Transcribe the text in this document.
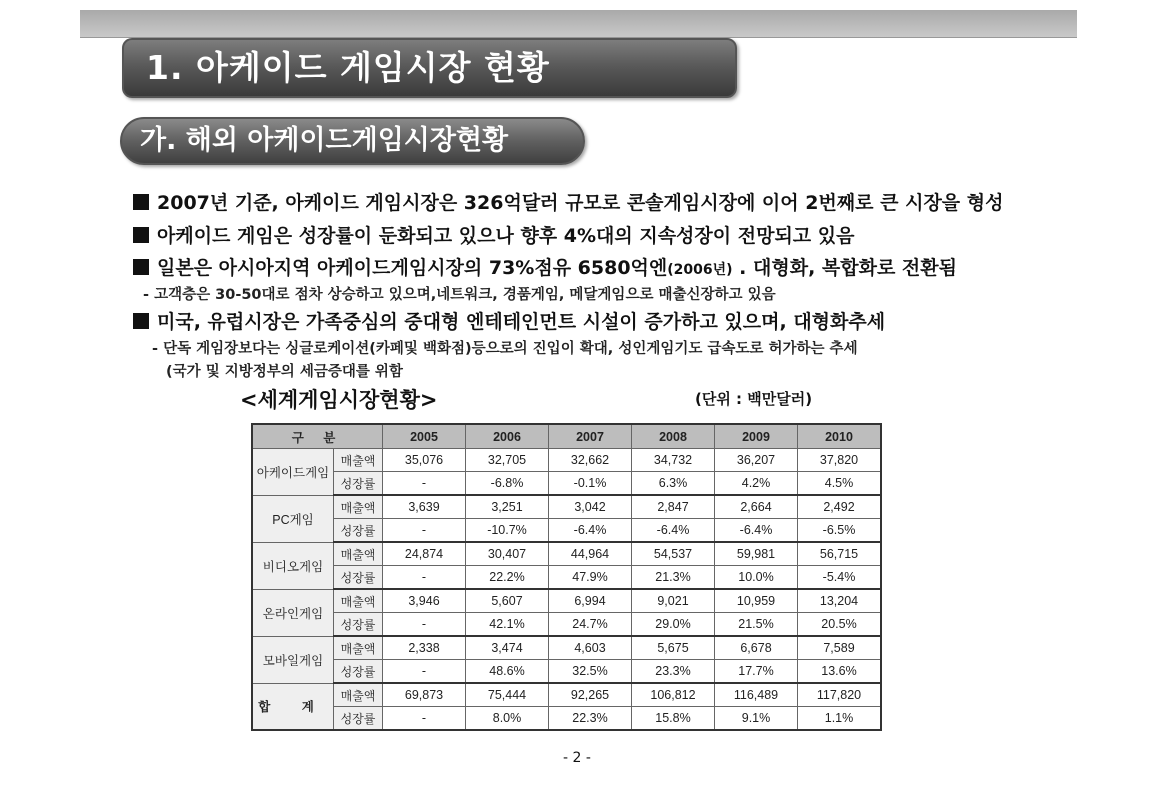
1. 아케이드 게임시장 현황
가. 해외 아케이드게임시장현황
2007년 기준, 아케이드 게임시장은 326억달러 규모로 콘솔게임시장에 이어 2번째로 큰 시장을 형성
아케이드 게임은 성장률이 둔화되고 있으나 향후 4%대의 지속성장이 전망되고 있음
일본은 아시아지역 아케이드게임시장의 73%점유 6580억엔(2006년) . 대형화, 복합화로 전환됨
- 고객층은 30-50대로 점차 상승하고 있으며,네트워크, 경품게임, 메달게임으로 매출신장하고 있음
미국, 유럽시장은 가족중심의 중대형 엔테테인먼트 시설이 증가하고 있으며, 대형화추세
- 단독 게임장보다는 싱글로케이션(카페및 백화점)등으로의 진입이 확대, 성인게임기도 급속도로 허가하는 추세
(국가 및 지방정부의 세금증대를 위함
<세계게임시장현황>	(단위 : 백만달러)
구 분		2005	2006	2007	2008	2009	2010
아케이드게임	매출액	35,076	32,705	32,662	34,732	36,207	37,820
	성장률	-	-6.8%	-0.1%	6.3%	4.2%	4.5%
PC게임	매출액	3,639	3,251	3,042	2,847	2,664	2,492
	성장률	-	-10.7%	-6.4%	-6.4%	-6.4%	-6.5%
비디오게임	매출액	24,874	30,407	44,964	54,537	59,981	56,715
	성장률	-	22.2%	47.9%	21.3%	10.0%	-5.4%
온라인게임	매출액	3,946	5,607	6,994	9,021	10,959	13,204
	성장률	-	42.1%	24.7%	29.0%	21.5%	20.5%
모바일게임	매출액	2,338	3,474	4,603	5,675	6,678	7,589
	성장률	-	48.6%	32.5%	23.3%	17.7%	13.6%
합 계	매출액	69,873	75,444	92,265	106,812	116,489	117,820
	성장률	-	8.0%	22.3%	15.8%	9.1%	1.1%
- 2 -
